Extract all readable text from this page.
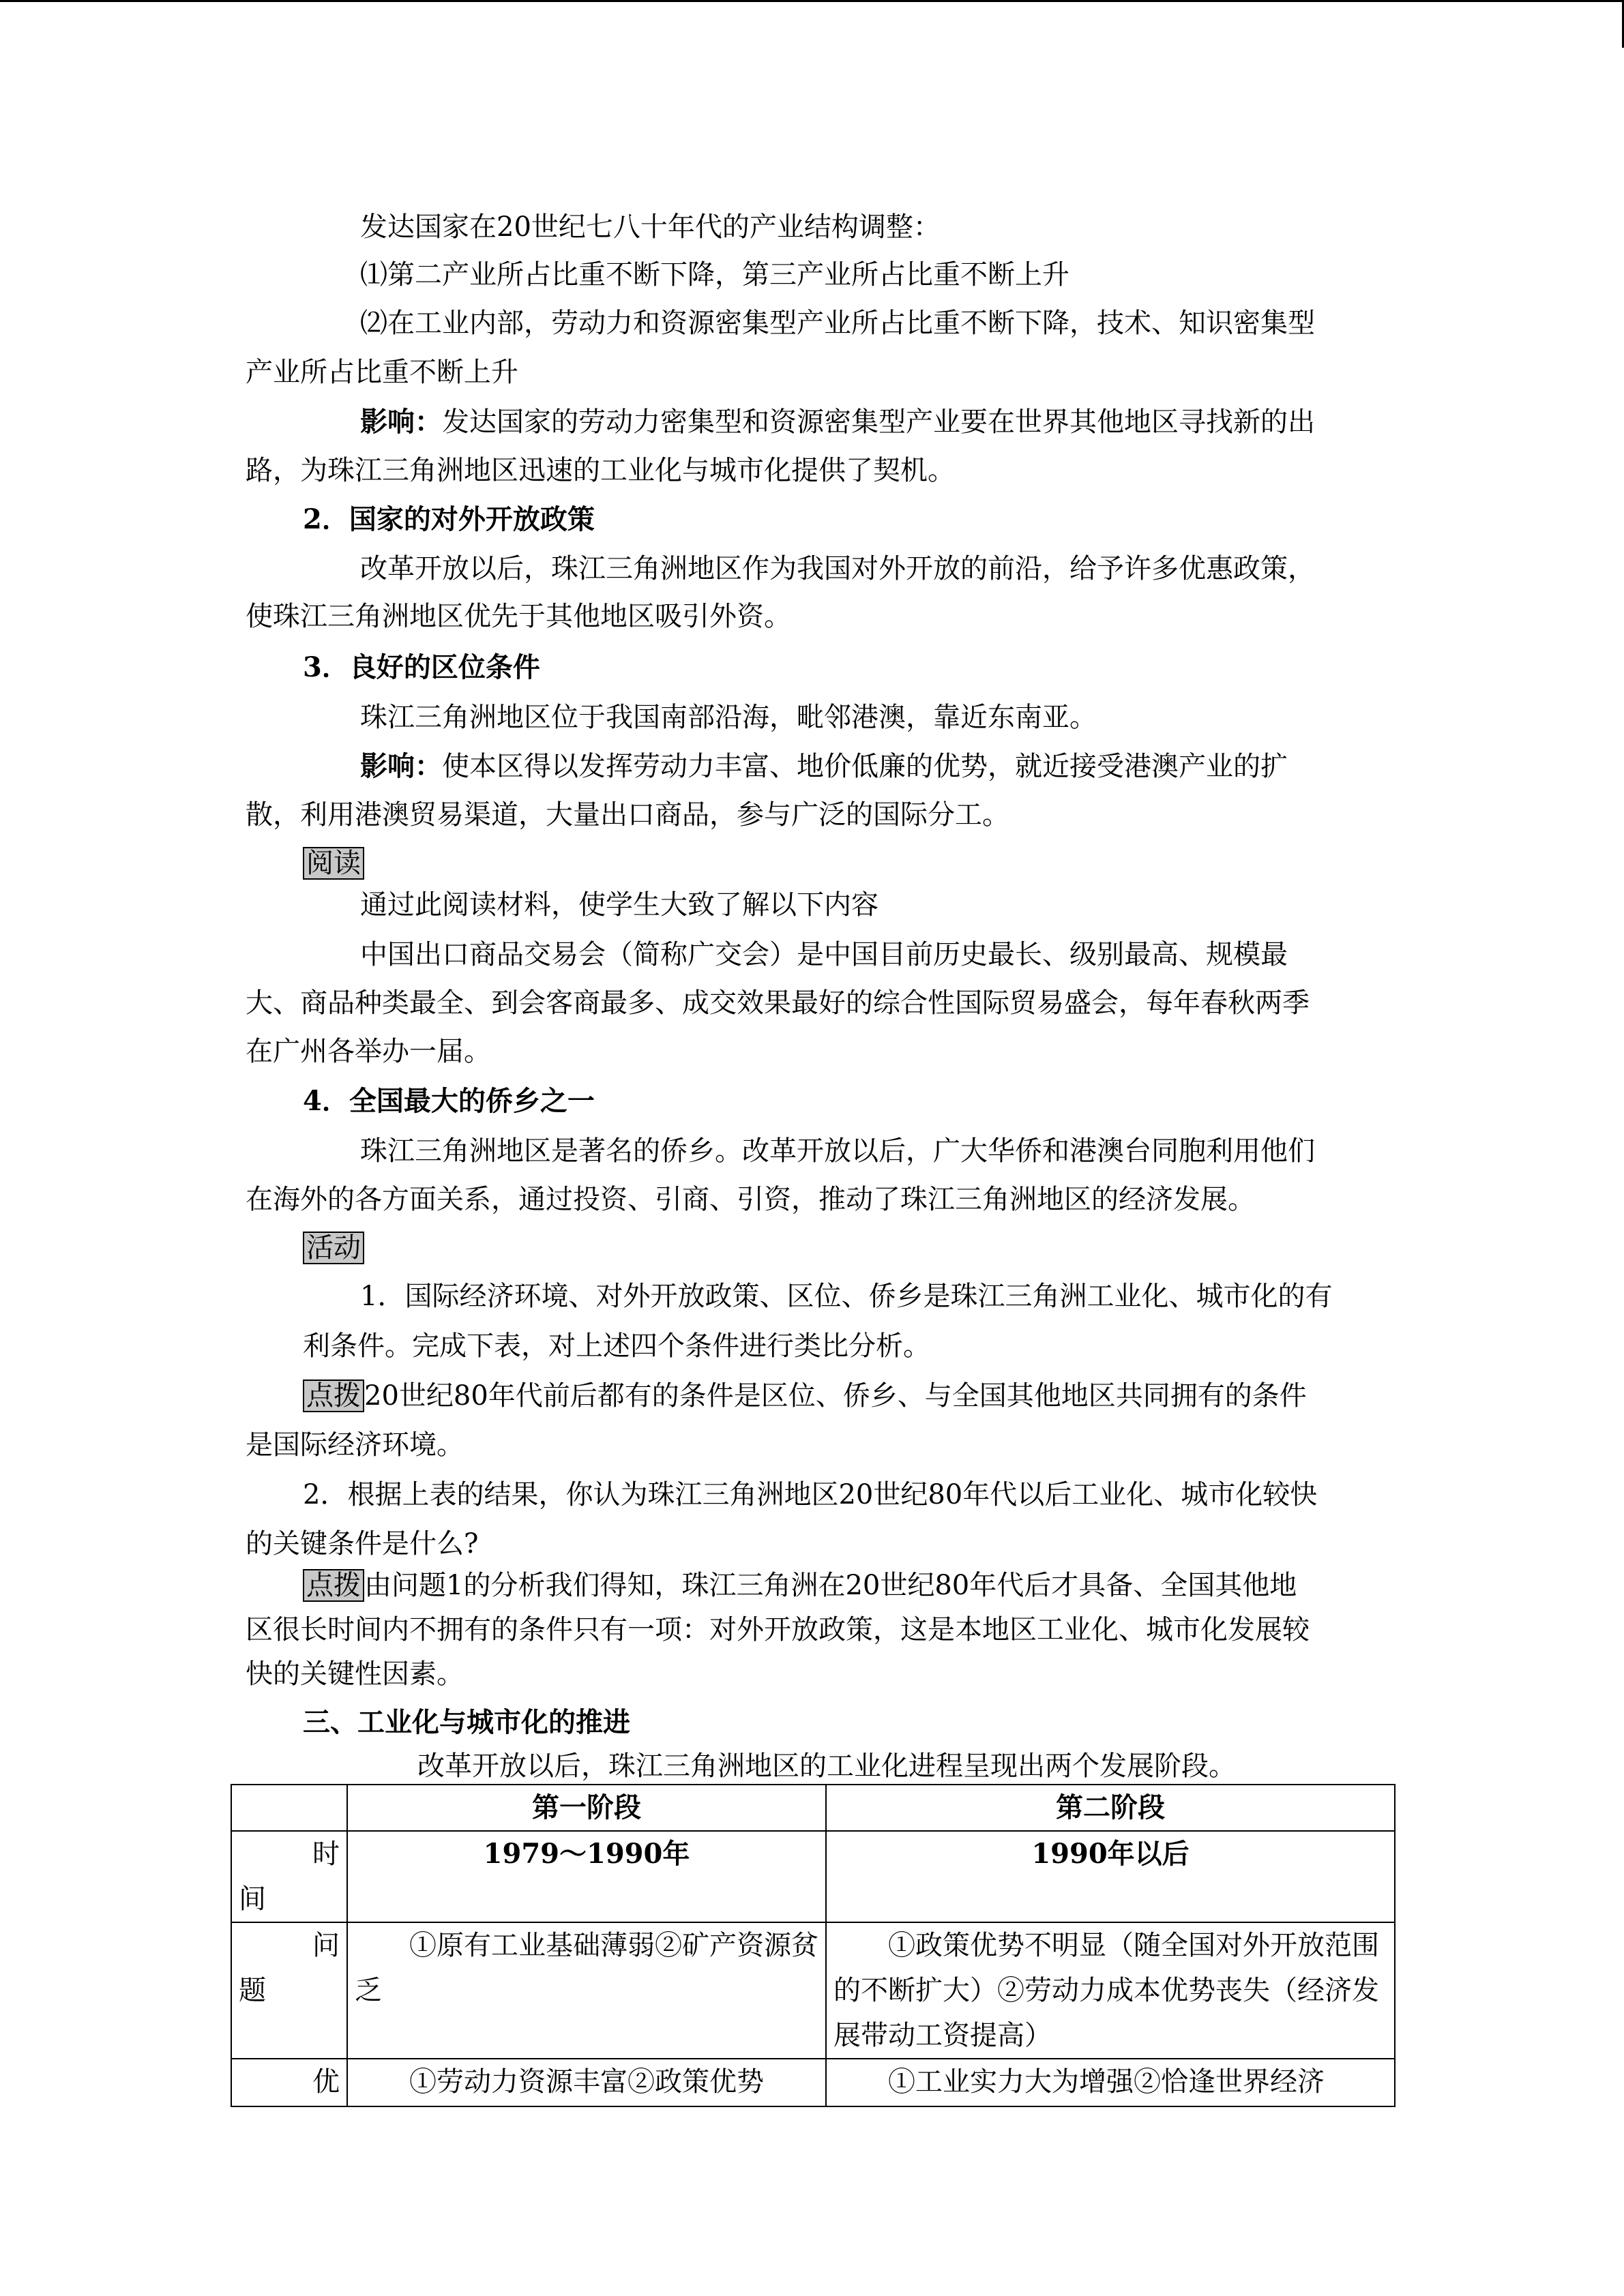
发达国家在20世纪七八十年代的产业结构调整：
⑴第二产业所占比重不断下降，第三产业所占比重不断上升
⑵在工业内部，劳动力和资源密集型产业所占比重不断下降，技术、知识密集型
产业所占比重不断上升
影响：发达国家的劳动力密集型和资源密集型产业要在世界其他地区寻找新的出
路，为珠江三角洲地区迅速的工业化与城市化提供了契机。
2．国家的对外开放政策
改革开放以后，珠江三角洲地区作为我国对外开放的前沿，给予许多优惠政策，
使珠江三角洲地区优先于其他地区吸引外资。
3．良好的区位条件
珠江三角洲地区位于我国南部沿海，毗邻港澳，靠近东南亚。
影响：使本区得以发挥劳动力丰富、地价低廉的优势，就近接受港澳产业的扩
散，利用港澳贸易渠道，大量出口商品，参与广泛的国际分工。
阅读
通过此阅读材料，使学生大致了解以下内容
中国出口商品交易会（简称广交会）是中国目前历史最长、级别最高、规模最
大、商品种类最全、到会客商最多、成交效果最好的综合性国际贸易盛会，每年春秋两季
在广州各举办一届。
4．全国最大的侨乡之一
珠江三角洲地区是著名的侨乡。改革开放以后，广大华侨和港澳台同胞利用他们
在海外的各方面关系，通过投资、引商、引资，推动了珠江三角洲地区的经济发展。
活动
1．国际经济环境、对外开放政策、区位、侨乡是珠江三角洲工业化、城市化的有
利条件。完成下表，对上述四个条件进行类比分析。
点拨 20世纪80年代前后都有的条件是区位、侨乡、与全国其他地区共同拥有的条件
是国际经济环境。
2．根据上表的结果，你认为珠江三角洲地区20世纪80年代以后工业化、城市化较快
的关键条件是什么?
点拨 由问题1的分析我们得知，珠江三角洲在20世纪80年代后才具备、全国其他地
区很长时间内不拥有的条件只有一项：对外开放政策，这是本地区工业化、城市化发展较
快的关键性因素。
三、工业化与城市化的推进
改革开放以后，珠江三角洲地区的工业化进程呈现出两个发展阶段。
	第一阶段	第二阶段

时
间	1979～1990年	1990年以后

问
题	①原有工业基础薄弱②矿产资源贫乏	①政策优势不明显（随全国对外开放范围的不断扩大）②劳动力成本优势丧失（经济发展带动工资提高）
优	①劳动力资源丰富②政策优势	①工业实力大为增强②恰逢世界经济
